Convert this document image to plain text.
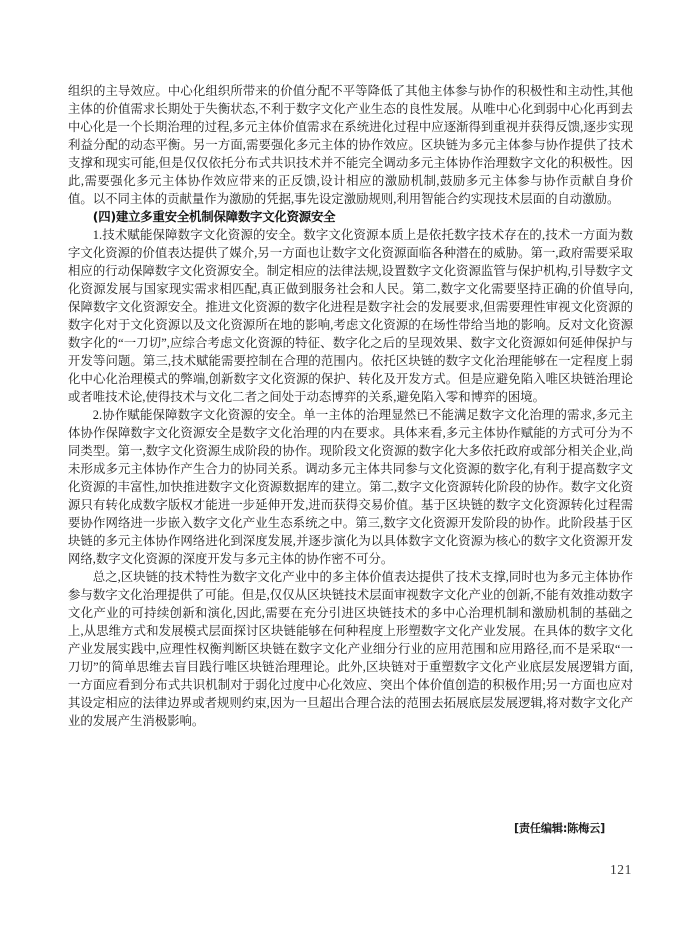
组织的主导效应。中心化组织所带来的价值分配不平等降低了其他主体参与协作的积极性和主动性,其他主体的价值需求长期处于失衡状态,不利于数字文化产业生态的良性发展。从唯中心化到弱中心化再到去中心化是一个长期治理的过程,多元主体价值需求在系统进化过程中应逐渐得到重视并获得反馈,逐步实现利益分配的动态平衡。另一方面,需要强化多元主体的协作效应。区块链为多元主体参与协作提供了技术支撑和现实可能,但是仅仅依托分布式共识技术并不能完全调动多元主体协作治理数字文化的积极性。因此,需要强化多元主体协作效应带来的正反馈,设计相应的激励机制,鼓励多元主体参与协作贡献自身价值。以不同主体的贡献量作为激励的凭据,事先设定激励规则,利用智能合约实现技术层面的自动激励。

(四)建立多重安全机制保障数字文化资源安全

1.技术赋能保障数字文化资源的安全。数字文化资源本质上是依托数字技术存在的,技术一方面为数字文化资源的价值表达提供了媒介,另一方面也让数字文化资源面临各种潜在的威胁。第一,政府需要采取相应的行动保障数字文化资源安全。制定相应的法律法规,设置数字文化资源监管与保护机构,引导数字文化资源发展与国家现实需求相匹配,真正做到服务社会和人民。第二,数字文化需要坚持正确的价值导向,保障数字文化资源安全。推进文化资源的数字化进程是数字社会的发展要求,但需要理性审视文化资源的数字化对于文化资源以及文化资源所在地的影响,考虑文化资源的在场性带给当地的影响。反对文化资源数字化的“一刀切”,应综合考虑文化资源的特征、数字化之后的呈现效果、数字文化资源如何延伸保护与开发等问题。第三,技术赋能需要控制在合理的范围内。依托区块链的数字文化治理能够在一定程度上弱化中心化治理模式的弊端,创新数字文化资源的保护、转化及开发方式。但是应避免陷入唯区块链治理论或者唯技术论,使得技术与文化二者之间处于动态博弈的关系,避免陷入零和博弈的困境。

2.协作赋能保障数字文化资源的安全。单一主体的治理显然已不能满足数字文化治理的需求,多元主体协作保障数字文化资源安全是数字文化治理的内在要求。具体来看,多元主体协作赋能的方式可分为不同类型。第一,数字文化资源生成阶段的协作。现阶段文化资源的数字化大多依托政府或部分相关企业,尚未形成多元主体协作产生合力的协同关系。调动多元主体共同参与文化资源的数字化,有利于提高数字文化资源的丰富性,加快推进数字文化资源数据库的建立。第二,数字文化资源转化阶段的协作。数字文化资源只有转化成数字版权才能进一步延伸开发,进而获得交易价值。基于区块链的数字文化资源转化过程需要协作网络进一步嵌入数字文化产业生态系统之中。第三,数字文化资源开发阶段的协作。此阶段基于区块链的多元主体协作网络进化到深度发展,并逐步演化为以具体数字文化资源为核心的数字文化资源开发网络,数字文化资源的深度开发与多元主体的协作密不可分。

总之,区块链的技术特性为数字文化产业中的多主体价值表达提供了技术支撑,同时也为多元主体协作参与数字文化治理提供了可能。但是,仅仅从区块链技术层面审视数字文化产业的创新,不能有效推动数字文化产业的可持续创新和演化,因此,需要在充分引进区块链技术的多中心治理机制和激励机制的基础之上,从思维方式和发展模式层面探讨区块链能够在何种程度上形塑数字文化产业发展。在具体的数字文化产业发展实践中,应理性权衡判断区块链在数字文化产业细分行业的应用范围和应用路径,而不是采取“一刀切”的简单思维去盲目践行唯区块链治理理论。此外,区块链对于重塑数字文化产业底层发展逻辑方面,一方面应看到分布式共识机制对于弱化过度中心化效应、突出个体价值创造的积极作用;另一方面也应对其设定相应的法律边界或者规则约束,因为一旦超出合理合法的范围去拓展底层发展逻辑,将对数字文化产业的发展产生消极影响。

[责任编辑:陈梅云]
121
